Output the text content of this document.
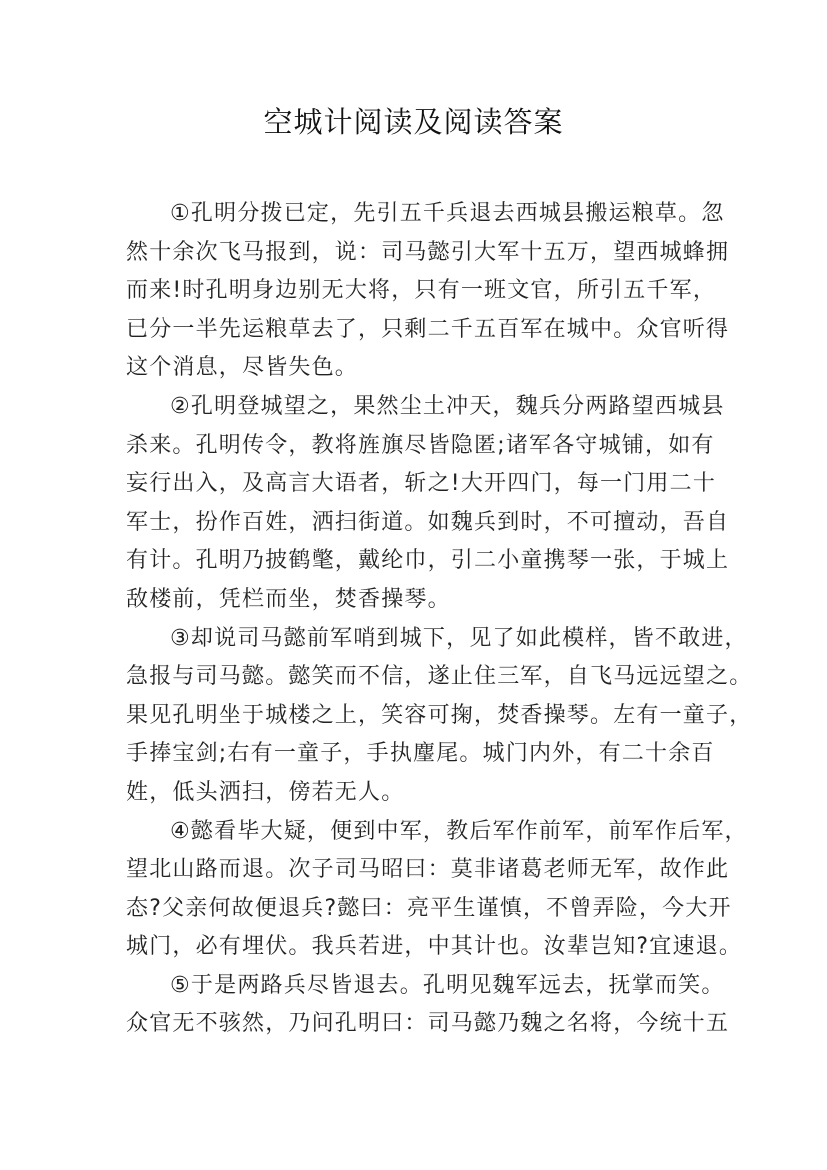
空城计阅读及阅读答案
①孔明分拨已定，先引五千兵退去西城县搬运粮草。忽
然十余次飞马报到，说：司马懿引大军十五万，望西城蜂拥
而来!时孔明身边别无大将，只有一班文官，所引五千军，
已分一半先运粮草去了，只剩二千五百军在城中。众官听得
这个消息，尽皆失色。
②孔明登城望之，果然尘土冲天，魏兵分两路望西城县
杀来。孔明传令，教将旌旗尽皆隐匿;诸军各守城铺，如有
妄行出入，及高言大语者，斩之!大开四门，每一门用二十
军士，扮作百姓，洒扫街道。如魏兵到时，不可擅动，吾自
有计。孔明乃披鹤氅，戴纶巾，引二小童携琴一张，于城上
敌楼前，凭栏而坐，焚香操琴。
③却说司马懿前军哨到城下，见了如此模样，皆不敢进，
急报与司马懿。懿笑而不信，遂止住三军，自飞马远远望之。
果见孔明坐于城楼之上，笑容可掬，焚香操琴。左有一童子，
手捧宝剑;右有一童子，手执麈尾。城门内外，有二十余百
姓，低头洒扫，傍若无人。
④懿看毕大疑，便到中军，教后军作前军，前军作后军，
望北山路而退。次子司马昭曰：莫非诸葛老师无军，故作此
态?父亲何故便退兵?懿曰：亮平生谨慎，不曾弄险，今大开
城门，必有埋伏。我兵若进，中其计也。汝辈岂知?宜速退。
⑤于是两路兵尽皆退去。孔明见魏军远去，抚掌而笑。
众官无不骇然，乃问孔明曰：司马懿乃魏之名将，今统十五
